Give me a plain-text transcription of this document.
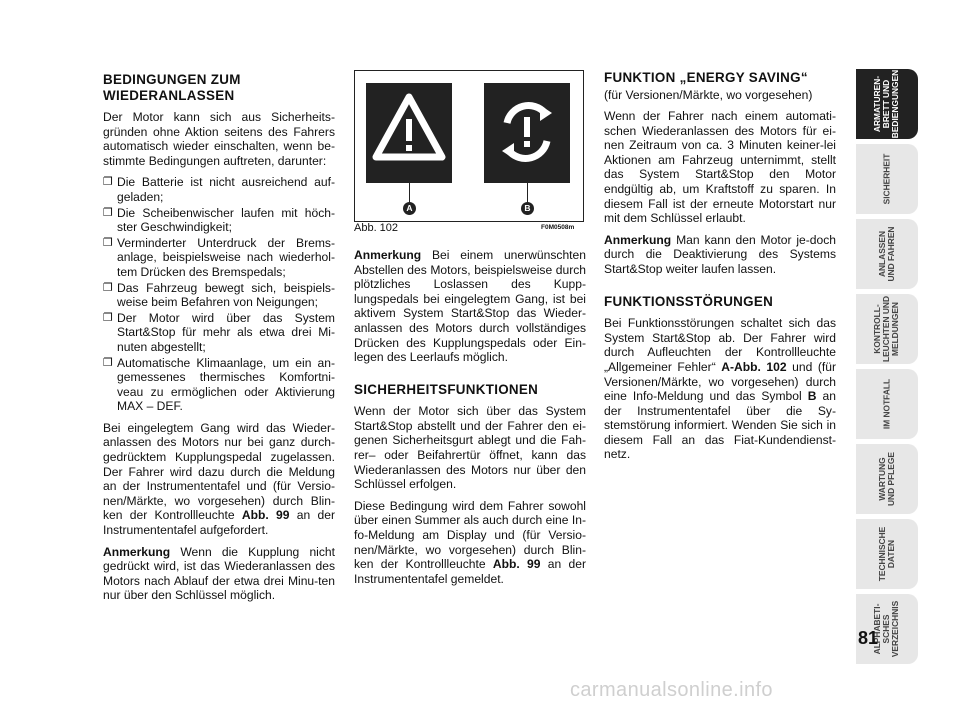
BEDINGUNGEN ZUM WIEDERANLASSEN

Der Motor kann sich aus Sicherheits-gründen ohne Aktion seitens des Fahrers automatisch wieder einschalten, wenn be-stimmte Bedingungen auftreten, darunter:

❐ Die Batterie ist nicht ausreichend auf-geladen;
❐ Die Scheibenwischer laufen mit höch-ster Geschwindigkeit;
❐ Verminderter Unterdruck der Brems-anlage, beispielsweise nach wiederhol-tem Drücken des Bremspedals;
❐ Das Fahrzeug bewegt sich, beispiels-weise beim Befahren von Neigungen;
❐ Der Motor wird über das System Start&Stop für mehr als etwa drei Mi-nuten abgestellt;
❐ Automatische Klimaanlage, um ein an-gemessenes thermisches Komfortni-veau zu ermöglichen oder Aktivierung MAX – DEF.

Bei eingelegtem Gang wird das Wieder-anlassen des Motors nur bei ganz durch-gedrücktem Kupplungspedal zugelassen. Der Fahrer wird dazu durch die Meldung an der Instrumententafel und (für Versio-nen/Märkte, wo vorgesehen) durch Blin-ken der Kontrollleuchte Abb. 99 an der Instrumententafel aufgefordert.

Anmerkung Wenn die Kupplung nicht gedrückt wird, ist das Wiederanlassen des Motors nach Ablauf der etwa drei Minu-ten nur über den Schlüssel möglich.

A	B
Abb. 102	F0M0508m

Anmerkung Bei einem unerwünschten Abstellen des Motors, beispielsweise durch plötzliches Loslassen des Kupp-lungspedals bei eingelegtem Gang, ist bei aktivem System Start&Stop das Wieder-anlassen des Motors durch vollständiges Drücken des Kupplungspedals oder Ein-legen des Leerlaufs möglich.

SICHERHEITSFUNKTIONEN

Wenn der Motor sich über das System Start&Stop abstellt und der Fahrer den ei-genen Sicherheitsgurt ablegt und die Fah-rer– oder Beifahrertür öffnet, kann das Wiederanlassen des Motors nur über den Schlüssel erfolgen.

Diese Bedingung wird dem Fahrer sowohl über einen Summer als auch durch eine In-fo-Meldung am Display und (für Versio-nen/Märkte, wo vorgesehen) durch Blin-ken der Kontrollleuchte Abb. 99 an der Instrumententafel gemeldet.

FUNKTION „ENERGY SAVING“

(für Versionen/Märkte, wo vorgesehen)

Wenn der Fahrer nach einem automati-schen Wiederanlassen des Motors für ei-nen Zeitraum von ca. 3 Minuten keiner-lei Aktionen am Fahrzeug unternimmt, stellt das System Start&Stop den Motor endgültig ab, um Kraftstoff zu sparen. In diesem Fall ist der erneute Motorstart nur mit dem Schlüssel erlaubt.

Anmerkung Man kann den Motor je-doch durch die Deaktivierung des Systems Start&Stop weiter laufen lassen.

FUNKTIONSSTÖRUNGEN

Bei Funktionsstörungen schaltet sich das System Start&Stop ab. Der Fahrer wird durch Aufleuchten der Kontrollleuchte „Allgemeiner Fehler“ A-Abb. 102 und (für Versionen/Märkte, wo vorgesehen) durch eine Info-Meldung und das Symbol B an der Instrumententafel über die Sy-stemstörung informiert. Wenden Sie sich in diesem Fall an das Fiat-Kundendienst-netz.

ARMATUREN-
BRETT UND
BEDIENGUNGEN
SICHERHEIT
ANLASSEN
UND FAHREN
KONTROLL-
LEUCHTEN UND
MELDUNGEN
IM NOTFALL
WARTUNG
UND PFLEGE
TECHNISCHE
DATEN
ALPHABETI-
SCHES
VERZEICHNIS
81
carmanualsonline.info
